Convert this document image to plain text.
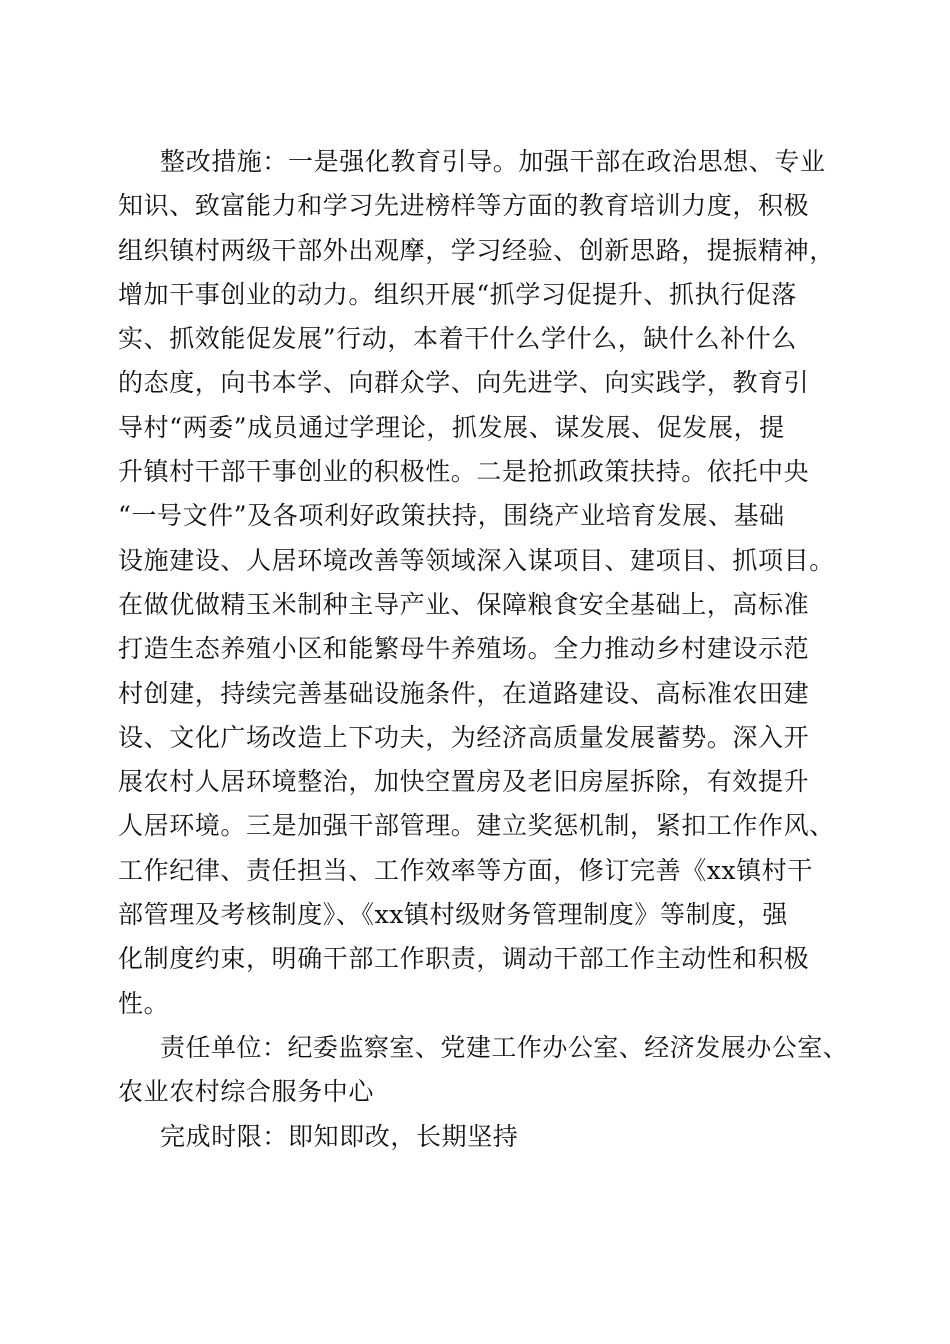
整改措施：一是强化教育引导。加强干部在政治思想、专业
知识、致富能力和学习先进榜样等方面的教育培训力度，积极
组织镇村两级干部外出观摩，学习经验、创新思路，提振精神，
增加干事创业的动力。组织开展“抓学习促提升、抓执行促落
实、抓效能促发展”行动，本着干什么学什么，缺什么补什么
的态度，向书本学、向群众学、向先进学、向实践学，教育引
导村“两委”成员通过学理论，抓发展、谋发展、促发展，提
升镇村干部干事创业的积极性。二是抢抓政策扶持。依托中央
“一号文件”及各项利好政策扶持，围绕产业培育发展、基础
设施建设、人居环境改善等领域深入谋项目、建项目、抓项目。
在做优做精玉米制种主导产业、保障粮食安全基础上，高标准
打造生态养殖小区和能繁母牛养殖场。全力推动乡村建设示范
村创建，持续完善基础设施条件，在道路建设、高标准农田建
设、文化广场改造上下功夫，为经济高质量发展蓄势。深入开
展农村人居环境整治，加快空置房及老旧房屋拆除，有效提升
人居环境。三是加强干部管理。建立奖惩机制，紧扣工作作风、
工作纪律、责任担当、工作效率等方面，修订完善《xx镇村干
部管理及考核制度》、《xx镇村级财务管理制度》等制度，强
化制度约束，明确干部工作职责，调动干部工作主动性和积极
性。

责任单位：纪委监察室、党建工作办公室、经济发展办公室、
农业农村综合服务中心

完成时限：即知即改，长期坚持
